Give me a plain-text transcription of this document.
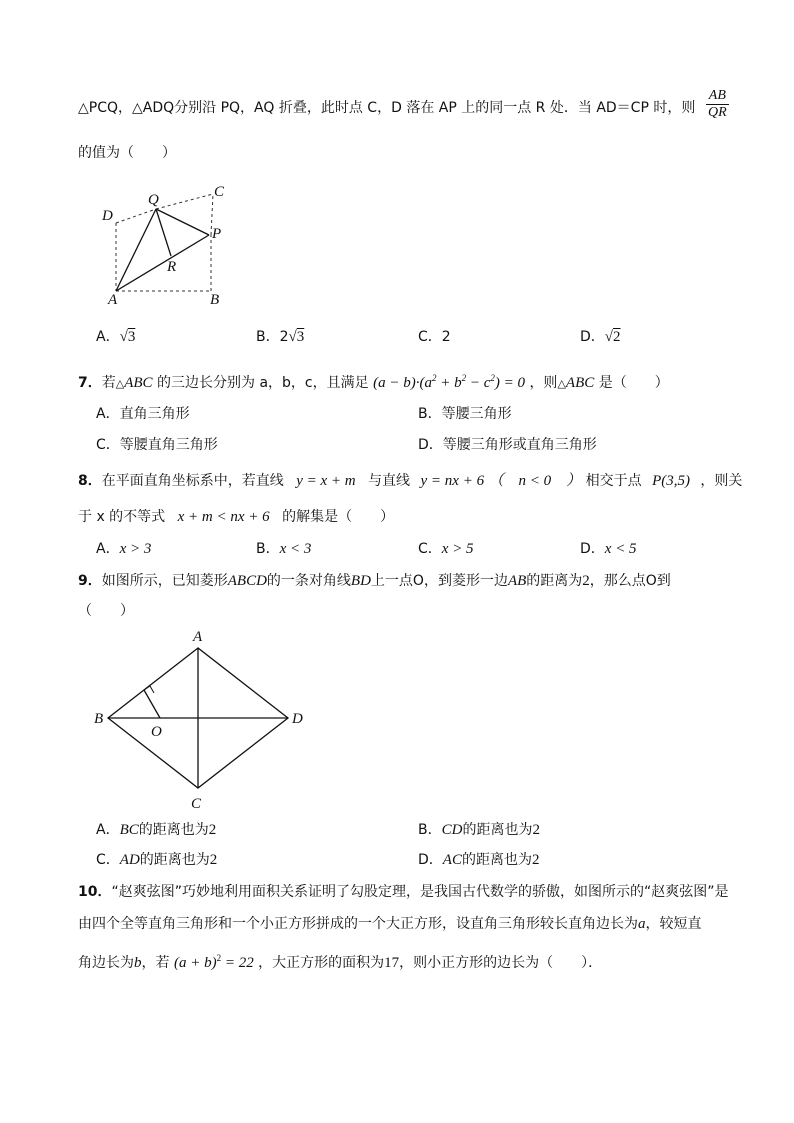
△PCQ，△ADQ分别沿 PQ，AQ 折叠，此时点 C，D 落在 AP 上的同一点 R 处．当 AD＝CP 时，则 $\frac{AB}{QR}$
的值为（　　）
D
Q	C
P
R
A	B
A．√3	B．2√3	C．2	D．√2
7．若△ABC 的三边长分别为 a，b，c，且满足 $(a - b)\cdot(a^2 + b^2 - c^2) = 0$ ，则△ABC 是（　　）
A．直角三角形	B．等腰三角形
C．等腰直角三角形	D．等腰三角形或直角三角形
8．在平面直角坐标系中，若直线 y = x + m 与直线 y = nx + 6 （　n < 0　） 相交于点 P(3,5) ，则关
于 x 的不等式 x + m < nx + 6 的解集是（　　）
A．x > 3	B．x < 3	C．x > 5	D．x < 5
9．如图所示，已知菱形ABCD的一条对角线BD上一点O，到菱形一边AB的距离为2，那么点O到
（　　）
A
B
C
D
O
A．BC的距离也为2	B．CD的距离也为2
C．AD的距离也为2	D．AC的距离也为2
10．“赵爽弦图”巧妙地利用面积关系证明了勾股定理，是我国古代数学的骄傲，如图所示的“赵爽弦图”是
由四个全等直角三角形和一个小正方形拼成的一个大正方形，设直角三角形较长直角边长为a，较短直
角边长为b，若 $(a + b)^2 = 22$ ，大正方形的面积为17，则小正方形的边长为（　　）．
